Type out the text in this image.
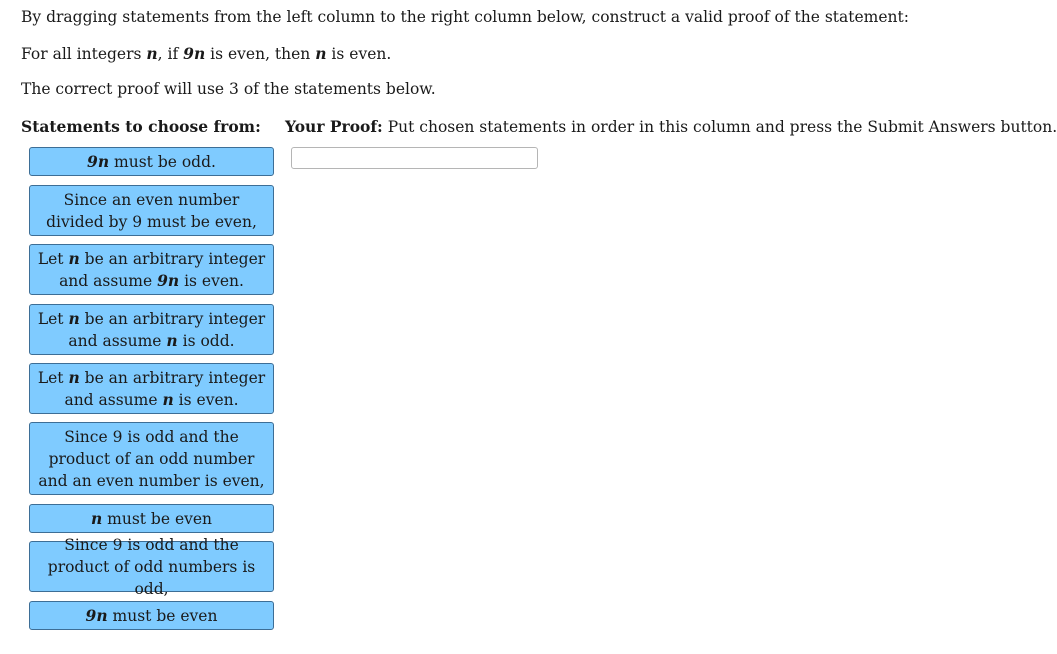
By dragging statements from the left column to the right column below, construct a valid proof of the statement:
For all integers n, if 9n is even, then n is even.
The correct proof will use 3 of the statements below.
Statements to choose from: Your Proof: Put chosen statements in order in this column and press the Submit Answers button.
9n must be odd.
Since an even number divided by 9 must be even,
Let n be an arbitrary integer and assume 9n is even.
Let n be an arbitrary integer and assume n is odd.
Let n be an arbitrary integer and assume n is even.
Since 9 is odd and the product of an odd number and an even number is even,
n must be even
Since 9 is odd and the product of odd numbers is odd,
9n must be even
